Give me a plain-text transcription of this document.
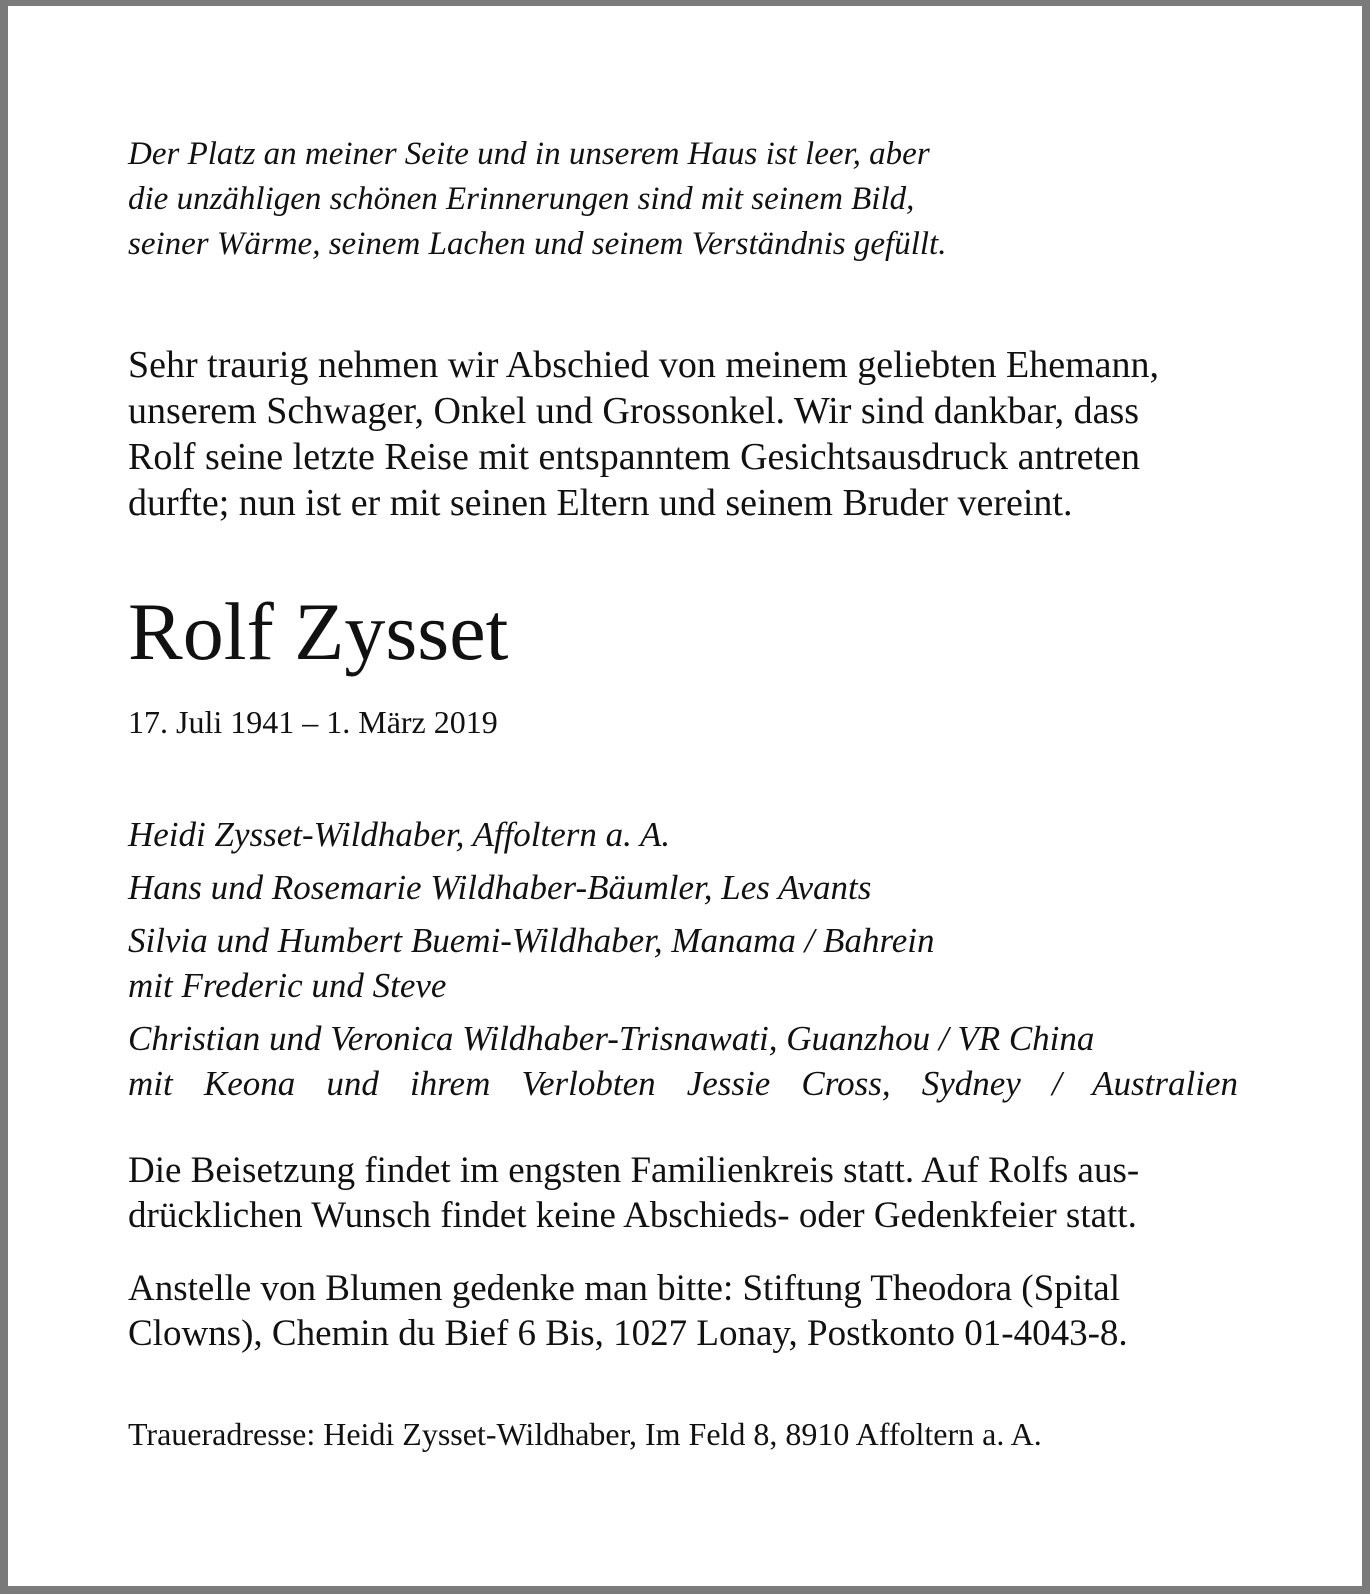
Der Platz an meiner Seite und in unserem Haus ist leer, aber
die unzähligen schönen Erinnerungen sind mit seinem Bild,
seiner Wärme, seinem Lachen und seinem Verständnis gefüllt.
Sehr traurig nehmen wir Abschied von meinem geliebten Ehemann,
unserem Schwager, Onkel und Grossonkel. Wir sind dankbar, dass
Rolf seine letzte Reise mit entspanntem Gesichtsausdruck antreten
durfte; nun ist er mit seinen Eltern und seinem Bruder vereint.
Rolf Zysset
17. Juli 1941 – 1. März 2019
Heidi Zysset-Wildhaber, Affoltern a. A.
Hans und Rosemarie Wildhaber-Bäumler, Les Avants
Silvia und Humbert Buemi-Wildhaber, Manama / Bahrein
mit Frederic und Steve
Christian und Veronica Wildhaber-Trisnawati, Guanzhou / VR China
mit Keona und ihrem Verlobten Jessie Cross, Sydney / Australien
Die Beisetzung findet im engsten Familienkreis statt. Auf Rolfs aus-
drücklichen Wunsch findet keine Abschieds- oder Gedenkfeier statt.
Anstelle von Blumen gedenke man bitte: Stiftung Theodora (Spital
Clowns), Chemin du Bief 6 Bis, 1027 Lonay, Postkonto 01-4043-8.
Traueradresse: Heidi Zysset-Wildhaber, Im Feld 8, 8910 Affoltern a. A.
